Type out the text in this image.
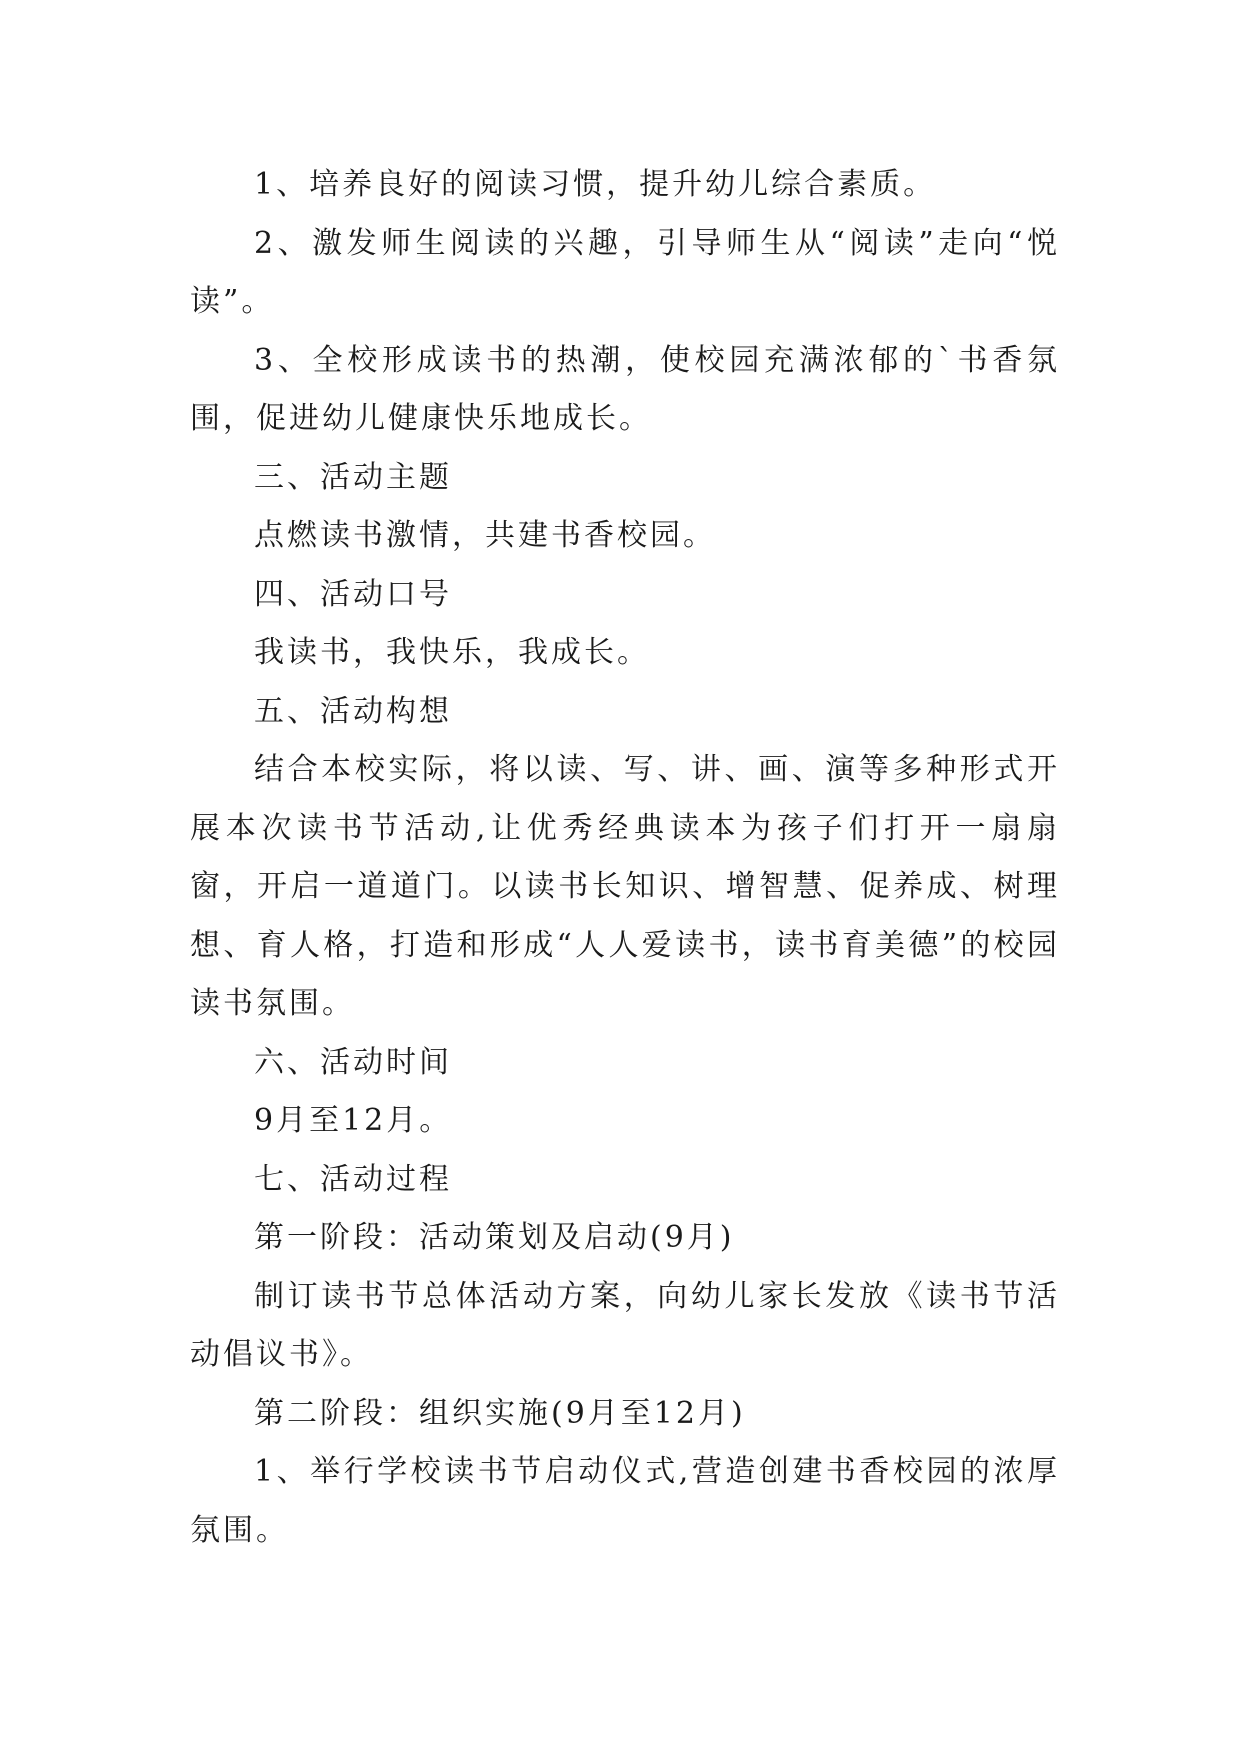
1、培养良好的阅读习惯，提升幼儿综合素质。

2、激发师生阅读的兴趣，引导师生从“阅读”走向“悦读”。

3、全校形成读书的热潮，使校园充满浓郁的`书香氛围，促进幼儿健康快乐地成长。

三、活动主题

点燃读书激情，共建书香校园。

四、活动口号

我读书，我快乐，我成长。

五、活动构想

结合本校实际，将以读、写、讲、画、演等多种形式开展本次读书节活动,让优秀经典读本为孩子们打开一扇扇窗，开启一道道门。以读书长知识、增智慧、促养成、树理想、育人格，打造和形成“人人爱读书，读书育美德”的校园读书氛围。

六、活动时间

9月至12月。

七、活动过程

第一阶段：活动策划及启动(9月)

制订读书节总体活动方案，向幼儿家长发放《读书节活动倡议书》。

第二阶段：组织实施(9月至12月)

1、举行学校读书节启动仪式,营造创建书香校园的浓厚氛围。
